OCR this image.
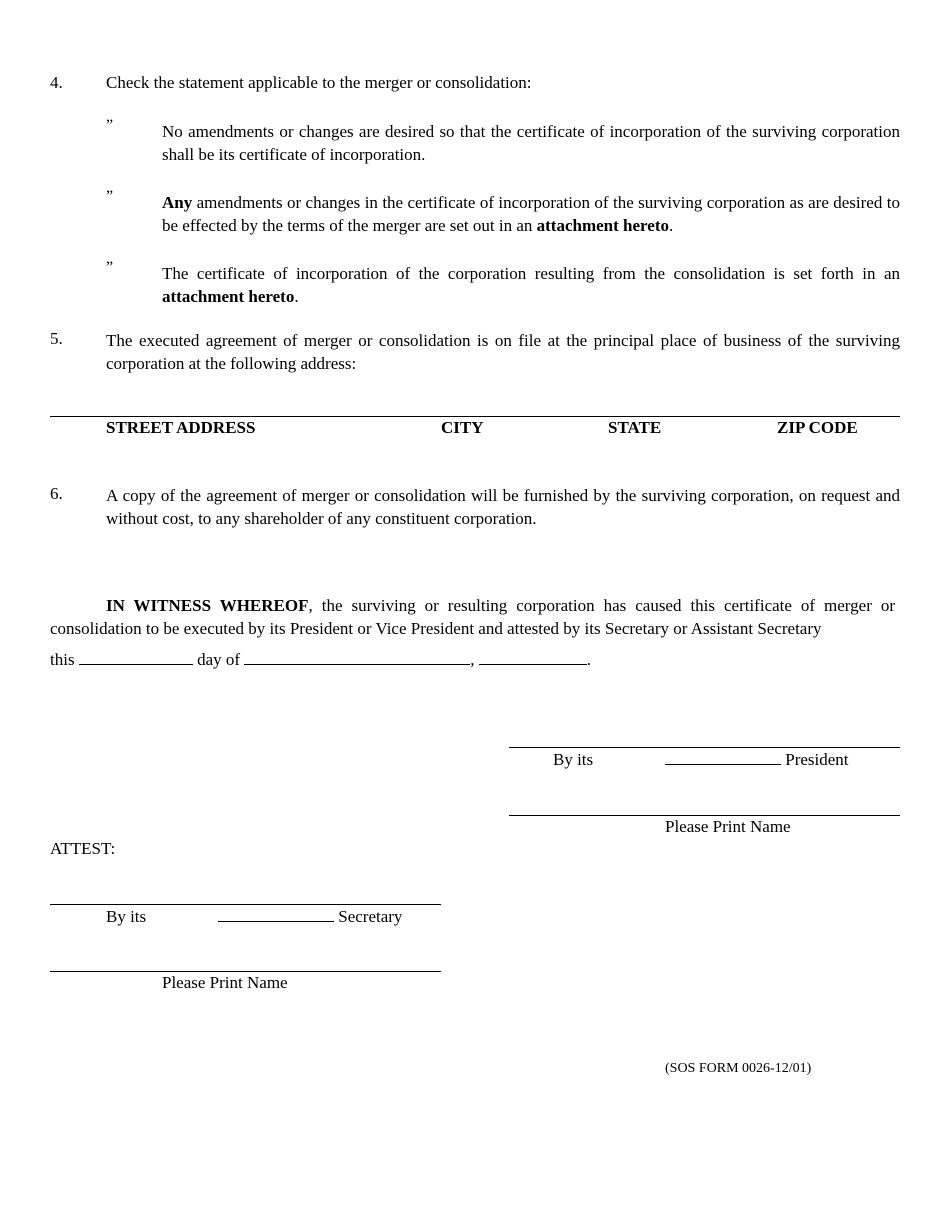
4.	Check the statement applicable to the merger or consolidation:
”	No amendments or changes are desired so that the certificate of incorporation of the surviving corporation shall be its certificate of incorporation.
”	Any amendments or changes in the certificate of incorporation of the surviving corporation as are desired to be effected by the terms of the merger are set out in an attachment hereto.
”	The certificate of incorporation of the corporation resulting from the consolidation is set forth in an attachment hereto.
5.	The executed agreement of merger or consolidation is on file at the principal place of business of the surviving corporation at the following address:
STREET ADDRESS	CITY	STATE	ZIP CODE
6.	A copy of the agreement of merger or consolidation will be furnished by the surviving corporation, on request and without cost, to any shareholder of any constituent corporation.
IN WITNESS WHEREOF, the surviving or resulting corporation has caused this certificate of merger or consolidation to be executed by its President or Vice President and attested by its Secretary or Assistant Secretary
this	day of	,	.
By its	President
Please Print Name
ATTEST:
By its	Secretary
Please Print Name
(SOS FORM 0026-12/01)
